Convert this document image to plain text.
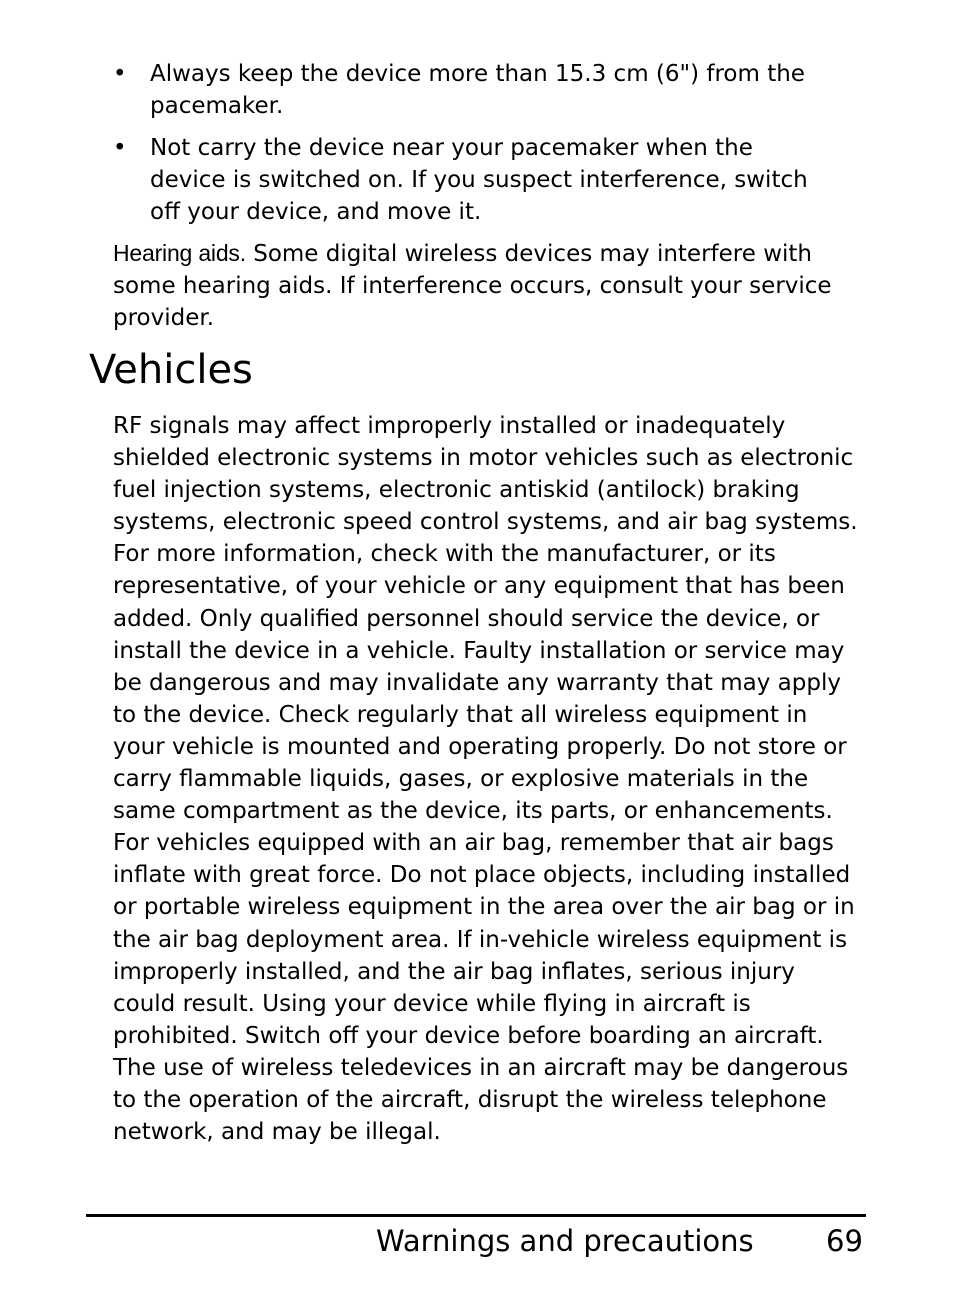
• Always keep the device more than 15.3 cm (6") from the pacemaker.
• Not carry the device near your pacemaker when the device is switched on. If you suspect interference, switch off your device, and move it.

Hearing aids. Some digital wireless devices may interfere with some hearing aids. If interference occurs, consult your service provider.

Vehicles

RF signals may affect improperly installed or inadequately shielded electronic systems in motor vehicles such as electronic fuel injection systems, electronic antiskid (antilock) braking systems, electronic speed control systems, and air bag systems. For more information, check with the manufacturer, or its representative, of your vehicle or any equipment that has been added. Only qualified personnel should service the device, or install the device in a vehicle. Faulty installation or service may be dangerous and may invalidate any warranty that may apply to the device. Check regularly that all wireless equipment in your vehicle is mounted and operating properly. Do not store or carry flammable liquids, gases, or explosive materials in the same compartment as the device, its parts, or enhancements. For vehicles equipped with an air bag, remember that air bags inflate with great force. Do not place objects, including installed or portable wireless equipment in the area over the air bag or in the air bag deployment area. If in-vehicle wireless equipment is improperly installed, and the air bag inflates, serious injury could result. Using your device while flying in aircraft is prohibited. Switch off your device before boarding an aircraft. The use of wireless teledevices in an aircraft may be dangerous to the operation of the aircraft, disrupt the wireless telephone network, and may be illegal.

Warnings and precautions 69
